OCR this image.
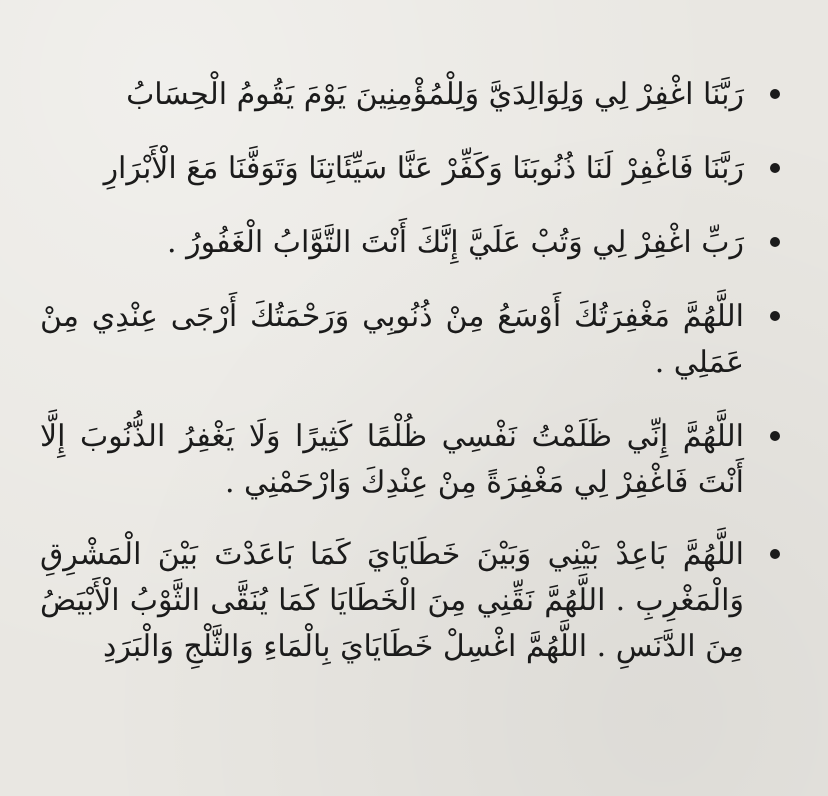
رَبَّنَا اغْفِرْ لِي وَلِوَالِدَيَّ وَلِلْمُؤْمِنِينَ يَوْمَ يَقُومُ الْحِسَابُ
رَبَّنَا فَاغْفِرْ لَنَا ذُنُوبَنَا وَكَفِّرْ عَنَّا سَيِّئَاتِنَا وَتَوَفَّنَا مَعَ الْأَبْرَارِ
رَبِّ اغْفِرْ لِي وَتُبْ عَلَيَّ إِنَّكَ أَنْتَ التَّوَّابُ الْغَفُورُ .
اللَّهُمَّ مَغْفِرَتُكَ أَوْسَعُ مِنْ ذُنُوبِي وَرَحْمَتُكَ أَرْجَى عِنْدِي مِنْ عَمَلِي .
اللَّهُمَّ إِنِّي ظَلَمْتُ نَفْسِي ظُلْمًا كَثِيرًا وَلَا يَغْفِرُ الذُّنُوبَ إِلَّا أَنْتَ فَاغْفِرْ لِي مَغْفِرَةً مِنْ عِنْدِكَ وَارْحَمْنِي .
اللَّهُمَّ بَاعِدْ بَيْنِي وَبَيْنَ خَطَايَايَ كَمَا بَاعَدْتَ بَيْنَ الْمَشْرِقِ وَالْمَغْرِبِ . اللَّهُمَّ نَقِّنِي مِنَ الْخَطَايَا كَمَا يُنَقَّى الثَّوْبُ الْأَبْيَضُ مِنَ الدَّنَسِ . اللَّهُمَّ اغْسِلْ خَطَايَايَ بِالْمَاءِ وَالثَّلْجِ وَالْبَرَدِ
